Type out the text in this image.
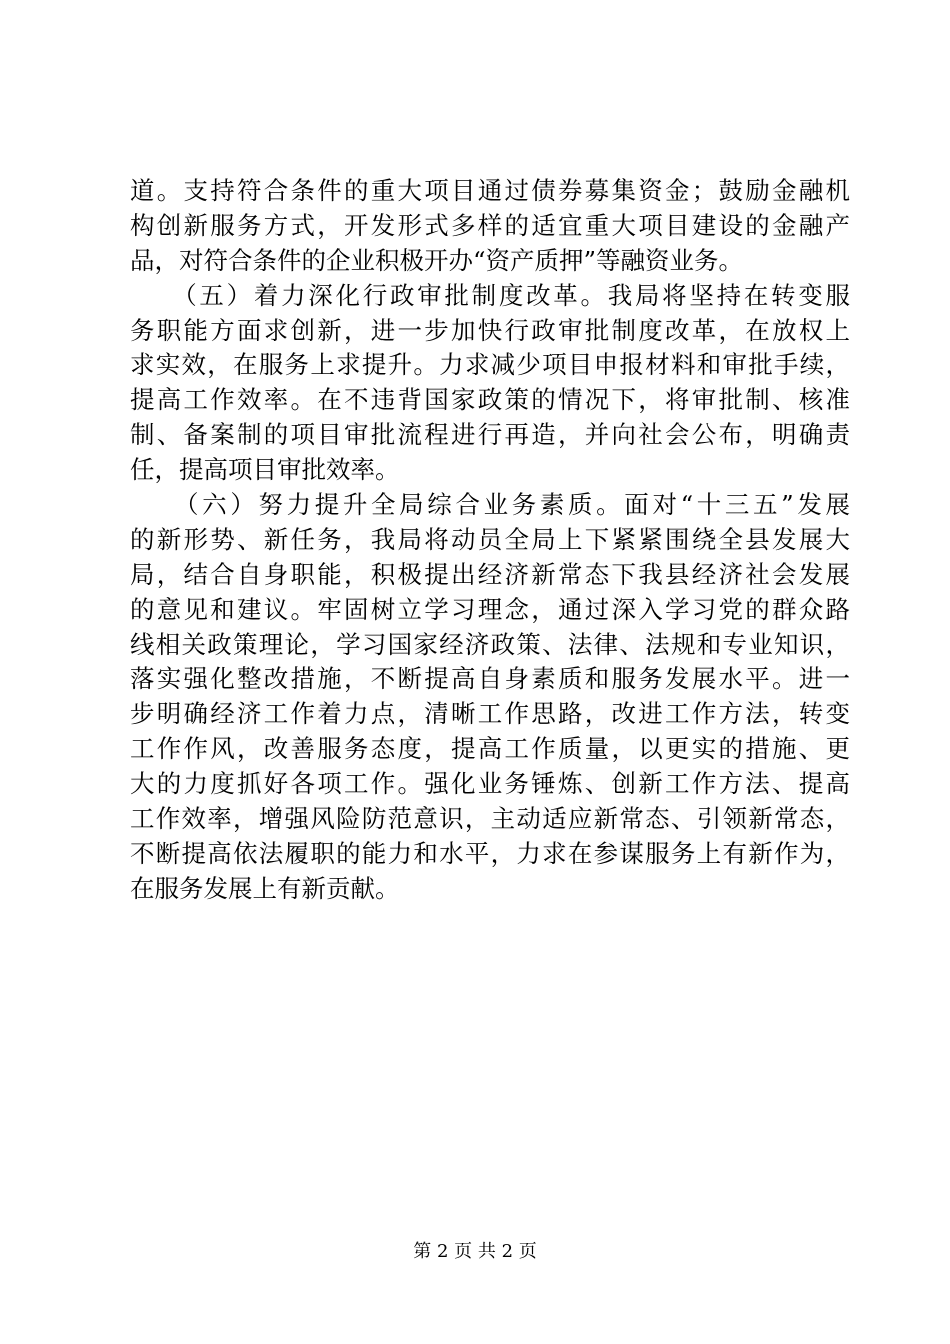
道。支持符合条件的重大项目通过债券募集资金；鼓励金融机
构创新服务方式，开发形式多样的适宜重大项目建设的金融产
品，对符合条件的企业积极开办“资产质押”等融资业务。
　　（五）着力深化行政审批制度改革。我局将坚持在转变服
务职能方面求创新，进一步加快行政审批制度改革，在放权上
求实效，在服务上求提升。力求减少项目申报材料和审批手续，
提高工作效率。在不违背国家政策的情况下，将审批制、核准
制、备案制的项目审批流程进行再造，并向社会公布，明确责
任，提高项目审批效率。
　　（六）努力提升全局综合业务素质。面对“十三五”发展
的新形势、新任务，我局将动员全局上下紧紧围绕全县发展大
局，结合自身职能，积极提出经济新常态下我县经济社会发展
的意见和建议。牢固树立学习理念，通过深入学习党的群众路
线相关政策理论，学习国家经济政策、法律、法规和专业知识，
落实强化整改措施，不断提高自身素质和服务发展水平。进一
步明确经济工作着力点，清晰工作思路，改进工作方法，转变
工作作风，改善服务态度，提高工作质量，以更实的措施、更
大的力度抓好各项工作。强化业务锤炼、创新工作方法、提高
工作效率，增强风险防范意识，主动适应新常态、引领新常态，
不断提高依法履职的能力和水平，力求在参谋服务上有新作为，
在服务发展上有新贡献。
第 2 页 共 2 页
